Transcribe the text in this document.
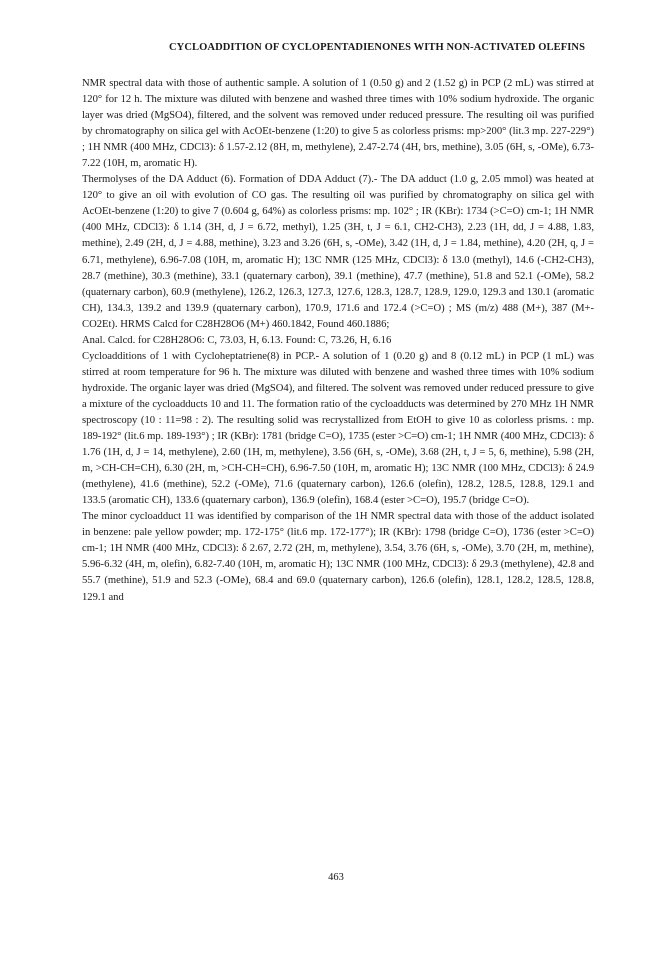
CYCLOADDITION OF CYCLOPENTADIENONES WITH NON-ACTIVATED OLEFINS

NMR spectral data with those of authentic sample. A solution of 1 (0.50 g) and 2 (1.52 g) in PCP (2 mL) was stirred at 120° for 12 h. The mixture was diluted with benzene and washed three times with 10% sodium hydroxide. The organic layer was dried (MgSO4), filtered, and the solvent was removed under reduced pressure. The resulting oil was purified by chromatography on silica gel with AcOEt-benzene (1:20) to give 5 as colorless prisms: mp>200° (lit.3 mp. 227-229°) ; 1H NMR (400 MHz, CDCl3): δ 1.57-2.12 (8H, m, methylene), 2.47-2.74 (4H, brs, methine), 3.05 (6H, s, -OMe), 6.73-7.22 (10H, m, aromatic H).

Thermolyses of the DA Adduct (6). Formation of DDA Adduct (7).- The DA adduct (1.0 g, 2.05 mmol) was heated at 120° to give an oil with evolution of CO gas. The resulting oil was purified by chromatography on silica gel with AcOEt-benzene (1:20) to give 7 (0.604 g, 64%) as colorless prisms: mp. 102° ; IR (KBr): 1734 (>C=O) cm-1; 1H NMR (400 MHz, CDCl3): δ 1.14 (3H, d, J = 6.72, methyl), 1.25 (3H, t, J = 6.1, CH2-CH3), 2.23 (1H, dd, J = 4.88, 1.83, methine), 2.49 (2H, d, J = 4.88, methine), 3.23 and 3.26 (6H, s, -OMe), 3.42 (1H, d, J = 1.84, methine), 4.20 (2H, q, J = 6.71, methylene), 6.96-7.08 (10H, m, aromatic H); 13C NMR (125 MHz, CDCl3): δ 13.0 (methyl), 14.6 (-CH2-CH3), 28.7 (methine), 30.3 (methine), 33.1 (quaternary carbon), 39.1 (methine), 47.7 (methine), 51.8 and 52.1 (-OMe), 58.2 (quaternary carbon), 60.9 (methylene), 126.2, 126.3, 127.3, 127.6, 128.3, 128.7, 128.9, 129.0, 129.3 and 130.1 (aromatic CH), 134.3, 139.2 and 139.9 (quaternary carbon), 170.9, 171.6 and 172.4 (>C=O) ; MS (m/z) 488 (M+), 387 (M+-CO2Et). HRMS Calcd for C28H28O6 (M+) 460.1842, Found 460.1886;

Anal. Calcd. for C28H28O6: C, 73.03, H, 6.13. Found: C, 73.26, H, 6.16

Cycloadditions of 1 with Cycloheptatriene(8) in PCP.- A solution of 1 (0.20 g) and 8 (0.12 mL) in PCP (1 mL) was stirred at room temperature for 96 h. The mixture was diluted with benzene and washed three times with 10% sodium hydroxide. The organic layer was dried (MgSO4), and filtered. The solvent was removed under reduced pressure to give a mixture of the cycloadducts 10 and 11. The formation ratio of the cycloadducts was determined by 270 MHz 1H NMR spectroscopy (10 : 11=98 : 2). The resulting solid was recrystallized from EtOH to give 10 as colorless prisms. : mp. 189-192° (lit.6 mp. 189-193°) ; IR (KBr): 1781 (bridge C=O), 1735 (ester >C=O) cm-1; 1H NMR (400 MHz, CDCl3): δ 1.76 (1H, d, J = 14, methylene), 2.60 (1H, m, methylene), 3.56 (6H, s, -OMe), 3.68 (2H, t, J = 5, 6, methine), 5.98 (2H, m, >CH-CH=CH), 6.30 (2H, m, >CH-CH=CH), 6.96-7.50 (10H, m, aromatic H); 13C NMR (100 MHz, CDCl3): δ 24.9 (methylene), 41.6 (methine), 52.2 (-OMe), 71.6 (quaternary carbon), 126.6 (olefin), 128.2, 128.5, 128.8, 129.1 and 133.5 (aromatic CH), 133.6 (quaternary carbon), 136.9 (olefin), 168.4 (ester >C=O), 195.7 (bridge C=O).

The minor cycloadduct 11 was identified by comparison of the 1H NMR spectral data with those of the adduct isolated in benzene: pale yellow powder; mp. 172-175° (lit.6 mp. 172-177°); IR (KBr): 1798 (bridge C=O), 1736 (ester >C=O) cm-1; 1H NMR (400 MHz, CDCl3): δ 2.67, 2.72 (2H, m, methylene), 3.54, 3.76 (6H, s, -OMe), 3.70 (2H, m, methine), 5.96-6.32 (4H, m, olefin), 6.82-7.40 (10H, m, aromatic H); 13C NMR (100 MHz, CDCl3): δ 29.3 (methylene), 42.8 and 55.7 (methine), 51.9 and 52.3 (-OMe), 68.4 and 69.0 (quaternary carbon), 126.6 (olefin), 128.1, 128.2, 128.5, 128.8, 129.1 and

463
